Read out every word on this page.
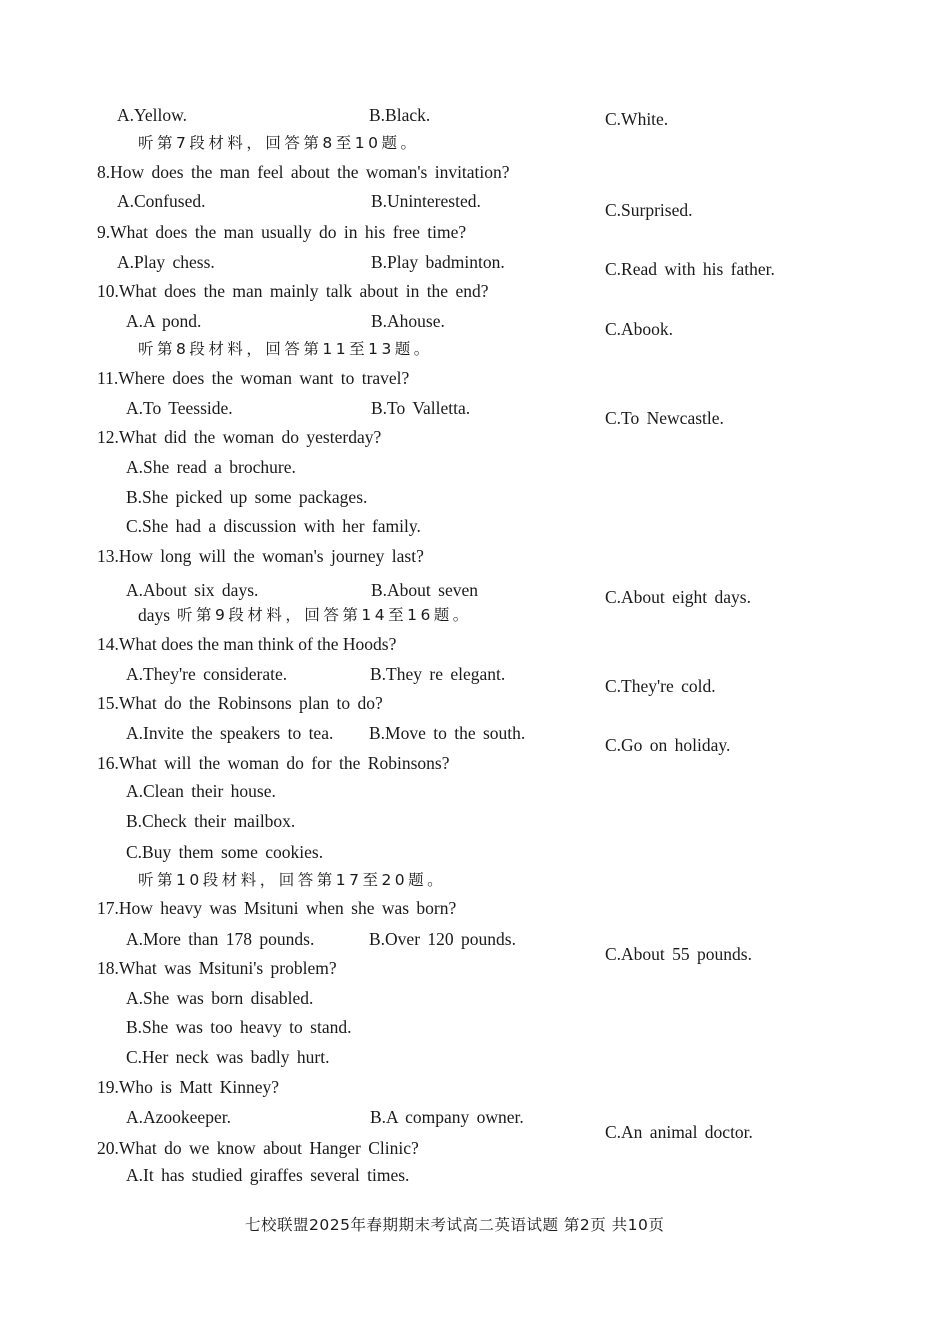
A.Yellow.	B.Black.	C.White.
听第7段材料，回答第8至10题。
8.How does the man feel about the woman's invitation?
A.Confused.	B.Uninterested.	C.Surprised.
9.What does the man usually do in his free time?
A.Play chess.	B.Play badminton.	C.Read with his father.
10.What does the man mainly talk about in the end?
A.A pond.	B.Ahouse.	C.Abook.
听第8段材料，回答第11至13题。
11.Where does the woman want to travel?
A.To Teesside.	B.To Valletta.	C.To Newcastle.
12.What did the woman do yesterday?
A.She read a brochure.
B.She picked up some packages.
C.She had a discussion with her family.
13.How long will the woman's journey last?
A.About six days.	B.About seven	C.About eight days.
days 听第9段材料，回答第14至16题。
14.What does the man think of the Hoods?
A.They're considerate.	B.They re elegant.
C.They're cold.
15.What do the Robinsons plan to do?
A.Invite the speakers to tea. B.Move to the south.
C.Go on holiday.
16.What will the woman do for the Robinsons?
A.Clean their house.
B.Check their mailbox.
C.Buy them some cookies.
听第10段材料，回答第17至20题。
17.How heavy was Msituni when she was born?
A.More than 178 pounds.	B.Over 120 pounds.
C.About 55 pounds.
18.What was Msituni's problem?
A.She was born disabled.
B.She was too heavy to stand.
C.Her neck was badly hurt.
19.Who is Matt Kinney?
A.Azookeeper.	B.A company owner.
C.An animal doctor.
20.What do we know about Hanger Clinic?
A.It has studied giraffes several times.
七校联盟2025年春期期末考试高二英语试题 第2页 共10页
